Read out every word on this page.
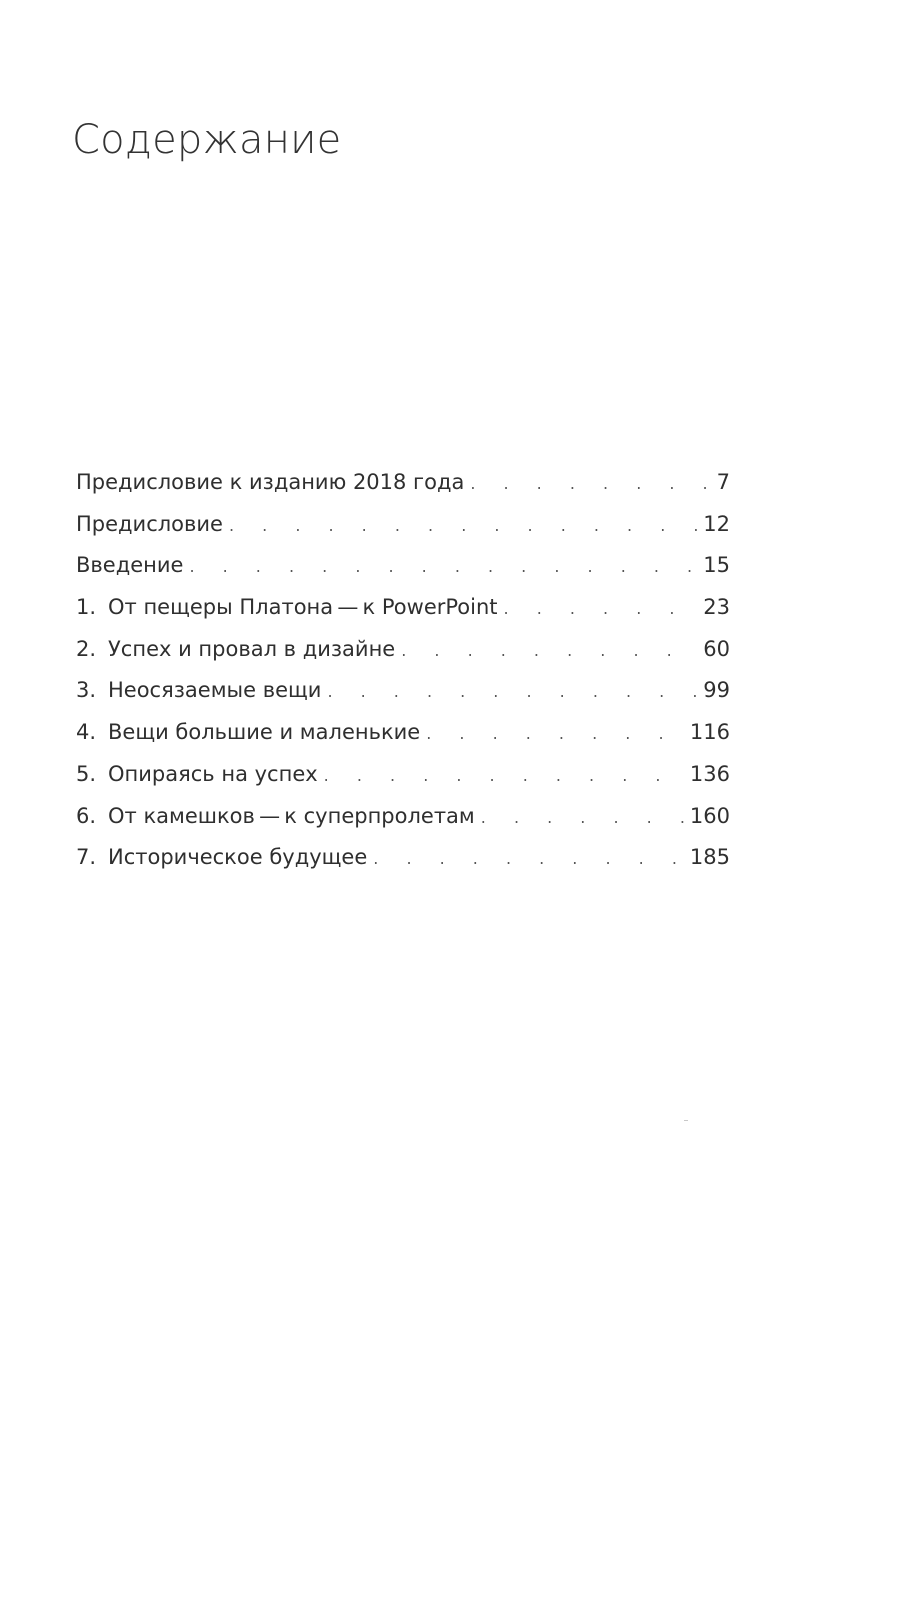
Содержание
Предисловие к изданию 2018 года . . .	7
Предисловие . . .	12
Введение . . .	15
1. От пещеры Платона — к PowerPoint . . .	23
2. Успех и провал в дизайне . . .	60
3. Неосязаемые вещи . . .	99
4. Вещи большие и маленькие . . .	116
5. Опираясь на успех . . .	136
6. От камешков — к суперпролетам . . .	160
7. Историческое будущее . . .	185
